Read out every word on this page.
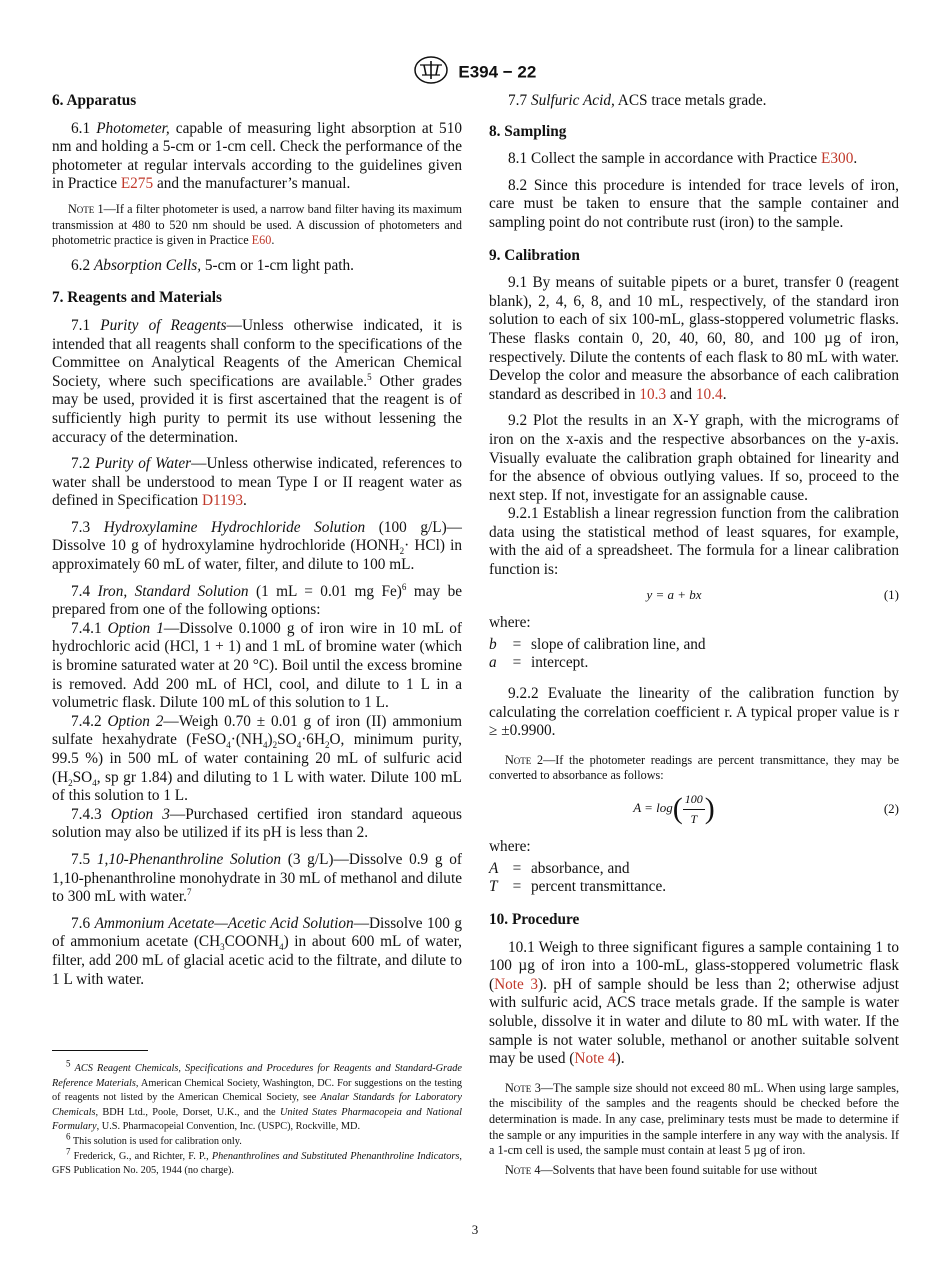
E394 − 22
6. Apparatus

6.1 Photometer, capable of measuring light absorption at 510 nm and holding a 5-cm or 1-cm cell. Check the performance of the photometer at regular intervals according to the guidelines given in Practice E275 and the manufacturer’s manual.

Note 1—If a filter photometer is used, a narrow band filter having its maximum transmission at 480 to 520 nm should be used. A discussion of photometers and photometric practice is given in Practice E60.

6.2 Absorption Cells, 5-cm or 1-cm light path.

7. Reagents and Materials

7.1 Purity of Reagents—Unless otherwise indicated, it is intended that all reagents shall conform to the specifications of the Committee on Analytical Reagents of the American Chemical Society, where such specifications are available.$^5$ Other grades may be used, provided it is first ascertained that the reagent is of sufficiently high purity to permit its use without lessening the accuracy of the determination.

7.2 Purity of Water—Unless otherwise indicated, references to water shall be understood to mean Type I or II reagent water as defined in Specification D1193.

7.3 Hydroxylamine Hydrochloride Solution (100 g/L)—Dissolve 10 g of hydroxylamine hydrochloride $(HONH_2\cdot HCl)$ in approximately 60 mL of water, filter, and dilute to 100 mL.

7.4 Iron, Standard Solution (1 mL = 0.01 mg Fe)$^6$ may be prepared from one of the following options:

7.4.1 Option 1—Dissolve 0.1000 g of iron wire in 10 mL of hydrochloric acid (HCl, 1 + 1) and 1 mL of bromine water (which is bromine saturated water at 20 °C). Boil until the excess bromine is removed. Add 200 mL of HCl, cool, and dilute to 1 L in a volumetric flask. Dilute 100 mL of this solution to 1 L.

7.4.2 Option 2—Weigh 0.70 ± 0.01 g of iron (II) ammonium sulfate hexahydrate ($FeSO_4\cdot(NH_4)_2SO_4\cdot 6H_2O$, minimum purity, 99.5 %) in 500 mL of water containing 20 mL of sulfuric acid ($H_2SO_4$, sp gr 1.84) and diluting to 1 L with water. Dilute 100 mL of this solution to 1 L.

7.4.3 Option 3—Purchased certified iron standard aqueous solution may also be utilized if its pH is less than 2.

7.5 1,10-Phenanthroline Solution (3 g/L)—Dissolve 0.9 g of 1,10-phenanthroline monohydrate in 30 mL of methanol and dilute to 300 mL with water.$^7$

7.6 Ammonium Acetate—Acetic Acid Solution—Dissolve 100 g of ammonium acetate $(CH_3COONH_4)$ in about 600 mL of water, filter, add 200 mL of glacial acetic acid to the filtrate, and dilute to 1 L with water.

$^5$ ACS Reagent Chemicals, Specifications and Procedures for Reagents and Standard-Grade Reference Materials, American Chemical Society, Washington, DC. For suggestions on the testing of reagents not listed by the American Chemical Society, see Analar Standards for Laboratory Chemicals, BDH Ltd., Poole, Dorset, U.K., and the United States Pharmacopeia and National Formulary, U.S. Pharmacopeial Convention, Inc. (USPC), Rockville, MD.

$^6$ This solution is used for calibration only.

$^7$ Frederick, G., and Richter, F. P., Phenanthrolines and Substituted Phenanthroline Indicators, GFS Publication No. 205, 1944 (no charge).

7.7 Sulfuric Acid, ACS trace metals grade.

8. Sampling

8.1 Collect the sample in accordance with Practice E300.

8.2 Since this procedure is intended for trace levels of iron, care must be taken to ensure that the sample container and sampling point do not contribute rust (iron) to the sample.

9. Calibration

9.1 By means of suitable pipets or a buret, transfer 0 (reagent blank), 2, 4, 6, 8, and 10 mL, respectively, of the standard iron solution to each of six 100-mL, glass-stoppered volumetric flasks. These flasks contain 0, 20, 40, 60, 80, and 100 µg of iron, respectively. Dilute the contents of each flask to 80 mL with water. Develop the color and measure the absorbance of each calibration standard as described in 10.3 and 10.4.

9.2 Plot the results in an X-Y graph, with the micrograms of iron on the x-axis and the respective absorbances on the y-axis. Visually evaluate the calibration graph obtained for linearity and for the absence of obvious outlying values. If so, proceed to the next step. If not, investigate for an assignable cause.

9.2.1 Establish a linear regression function from the calibration data using the statistical method of least squares, for example, with the aid of a spreadsheet. The formula for a linear calibration function is:

y = a + bx	(1)
where:
b	= slope of calibration line, and
a	= intercept.

9.2.2 Evaluate the linearity of the calibration function by calculating the correlation coefficient r. A typical proper value is r ≥ ±0.9900.

Note 2—If the photometer readings are percent transmittance, they may be converted to absorbance as follows:
$A = \log( \frac{100}{T}$ )	(2)
where:
A = absorbance, and
T = percent transmittance.
10. Procedure

10.1 Weigh to three significant figures a sample containing 1 to 100 µg of iron into a 100-mL, glass-stoppered volumetric flask (Note 3). pH of sample should be less than 2; otherwise adjust with sulfuric acid, ACS trace metals grade. If the sample is water soluble, dissolve it in water and dilute to 80 mL with water. If the sample is not water soluble, methanol or another suitable solvent may be used (Note 4).

Note 3—The sample size should not exceed 80 mL. When using large samples, the miscibility of the samples and the reagents should be checked before the determination is made. In any case, preliminary tests must be made to determine if the sample or any impurities in the sample interfere in any way with the analysis. If a 1-cm cell is used, the sample must contain at least 5 µg of iron.
Note 4—Solvents that have been found suitable for use without
3
